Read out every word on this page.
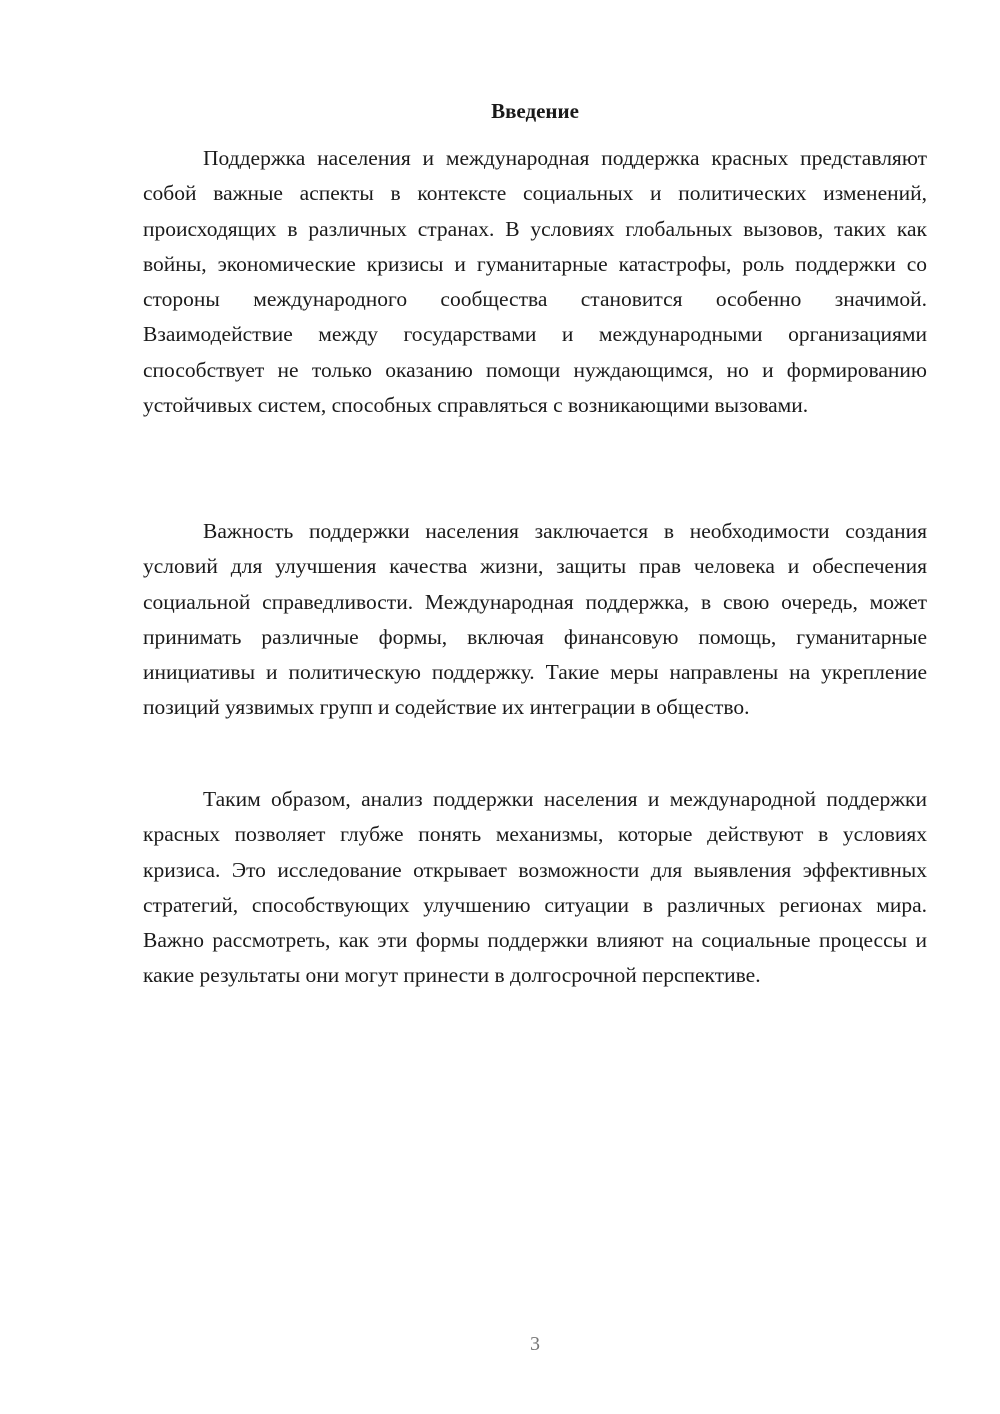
Введение

Поддержка населения и международная поддержка красных представляют собой важные аспекты в контексте социальных и политических изменений, происходящих в различных странах. В условиях глобальных вызовов, таких как войны, экономические кризисы и гуманитарные катастрофы, роль поддержки со стороны международного сообщества становится особенно значимой. Взаимодействие между государствами и международными организациями способствует не только оказанию помощи нуждающимся, но и формированию устойчивых систем, способных справляться с возникающими вызовами.

Важность поддержки населения заключается в необходимости создания условий для улучшения качества жизни, защиты прав человека и обеспечения социальной справедливости. Международная поддержка, в свою очередь, может принимать различные формы, включая финансовую помощь, гуманитарные инициативы и политическую поддержку. Такие меры направлены на укрепление позиций уязвимых групп и содействие их интеграции в общество.

Таким образом, анализ поддержки населения и международной поддержки красных позволяет глубже понять механизмы, которые действуют в условиях кризиса. Это исследование открывает возможности для выявления эффективных стратегий, способствующих улучшению ситуации в различных регионах мира. Важно рассмотреть, как эти формы поддержки влияют на социальные процессы и какие результаты они могут принести в долгосрочной перспективе.

3
